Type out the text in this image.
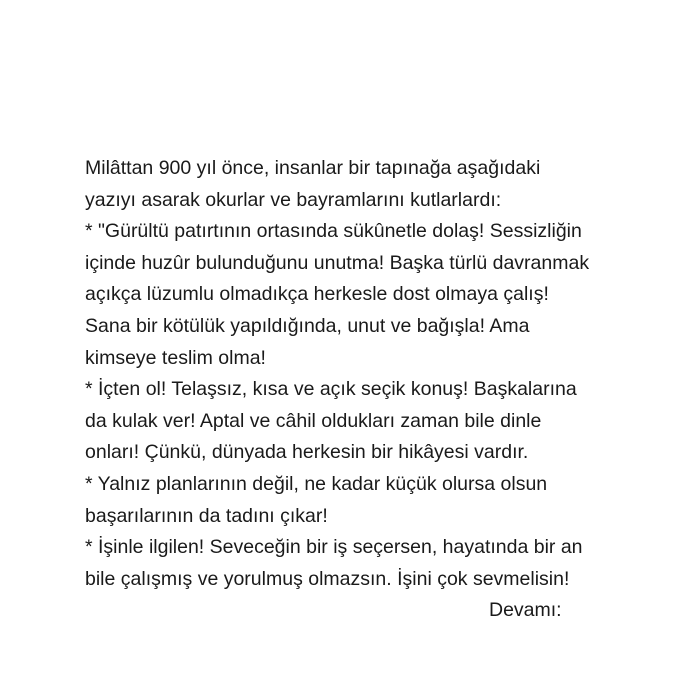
Milâttan 900 yıl önce, insanlar bir tapınağa aşağıdaki
yazıyı asarak okurlar ve bayramlarını kutlarlardı:
* "Gürültü patırtının ortasında sükûnetle dolaş! Sessizliğin
içinde huzûr bulunduğunu unutma! Başka türlü davranmak
açıkça lüzumlu olmadıkça herkesle dost olmaya çalış!
Sana bir kötülük yapıldığında, unut ve bağışla! Ama
kimseye teslim olma!
* İçten ol! Telaşsız, kısa ve açık seçik konuş! Başkalarına
da kulak ver! Aptal ve câhil oldukları zaman bile dinle
onları! Çünkü, dünyada herkesin bir hikâyesi vardır.
* Yalnız planlarının değil, ne kadar küçük olursa olsun
başarılarının da tadını çıkar!
* İşinle ilgilen! Seveceğin bir iş seçersen, hayatında bir an
bile çalışmış ve yorulmuş olmazsın. İşini çok sevmelisin!
Devamı:
